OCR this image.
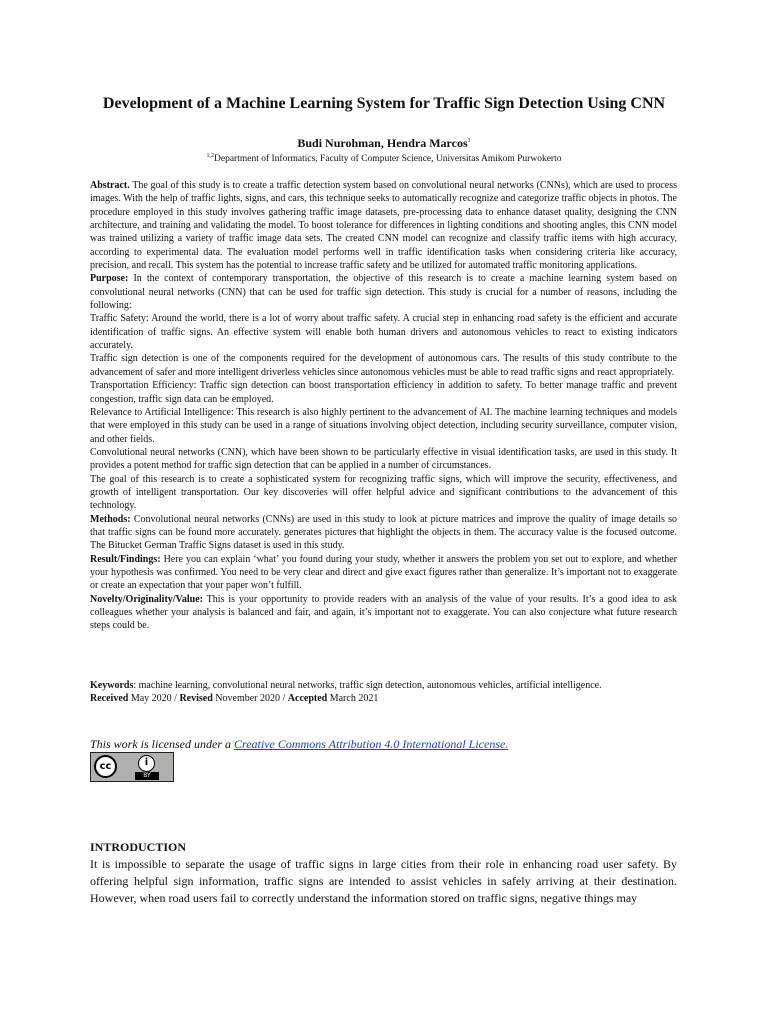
Development of a Machine Learning System for Traffic Sign Detection Using CNN
Budi Nurohman, Hendra Marcos$^1$
$^{1,2}$Department of Informatics, Faculty of Computer Science, Universitas Amikom Purwokerto

Abstract. The goal of this study is to create a traffic detection system based on convolutional neural networks (CNNs), which are used to process images. With the help of traffic lights, signs, and cars, this technique seeks to automatically recognize and categorize traffic objects in photos. The procedure employed in this study involves gathering traffic image datasets, pre-processing data to enhance dataset quality, designing the CNN architecture, and training and validating the model. To boost tolerance for differences in lighting conditions and shooting angles, this CNN model was trained utilizing a variety of traffic image data sets. The created CNN model can recognize and classify traffic items with high accuracy, according to experimental data. The evaluation model performs well in traffic identification tasks when considering criteria like accuracy, precision, and recall. This system has the potential to increase traffic safety and be utilized for automated traffic monitoring applications.

Purpose: In the context of contemporary transportation, the objective of this research is to create a machine learning system based on convolutional neural networks (CNN) that can be used for traffic sign detection. This study is crucial for a number of reasons, including the following:

Traffic Safety: Around the world, there is a lot of worry about traffic safety. A crucial step in enhancing road safety is the efficient and accurate identification of traffic signs. An effective system will enable both human drivers and autonomous vehicles to react to existing indicators accurately.

Traffic sign detection is one of the components required for the development of autonomous cars. The results of this study contribute to the advancement of safer and more intelligent driverless vehicles since autonomous vehicles must be able to read traffic signs and react appropriately.

Transportation Efficiency: Traffic sign detection can boost transportation efficiency in addition to safety. To better manage traffic and prevent congestion, traffic sign data can be employed.

Relevance to Artificial Intelligence: This research is also highly pertinent to the advancement of AI. The machine learning techniques and models that were employed in this study can be used in a range of situations involving object detection, including security surveillance, computer vision, and other fields.

Convolutional neural networks (CNN), which have been shown to be particularly effective in visual identification tasks, are used in this study. It provides a potent method for traffic sign detection that can be applied in a number of circumstances.

The goal of this research is to create a sophisticated system for recognizing traffic signs, which will improve the security, effectiveness, and growth of intelligent transportation. Our key discoveries will offer helpful advice and significant contributions to the advancement of this technology.

Methods: Convolutional neural networks (CNNs) are used in this study to look at picture matrices and improve the quality of image details so that traffic signs can be found more accurately. generates pictures that highlight the objects in them. The accuracy value is the focused outcome. The Bitucket German Traffic Signs dataset is used in this study.

Result/Findings: Here you can explain ‘what’ you found during your study, whether it answers the problem you set out to explore, and whether your hypothesis was confirmed. You need to be very clear and direct and give exact figures rather than generalize. It’s important not to exaggerate or create an expectation that your paper won’t fulfill.

Novelty/Originality/Value: This is your opportunity to provide readers with an analysis of the value of your results. It’s a good idea to ask colleagues whether your analysis is balanced and fair, and again, it’s important not to exaggerate. You can also conjecture what future research steps could be.

Keywords: machine learning, convolutional neural networks, traffic sign detection, autonomous vehicles, artificial intelligence.

Received May 2020 / Revised November 2020 / Accepted March 2021

This work is licensed under a Creative Commons Attribution 4.0 International License.
cc	i
BY
INTRODUCTION

It is impossible to separate the usage of traffic signs in large cities from their role in enhancing road user safety. By offering helpful sign information, traffic signs are intended to assist vehicles in safely arriving at their destination. However, when road users fail to correctly understand the information stored on traffic signs, negative things may
